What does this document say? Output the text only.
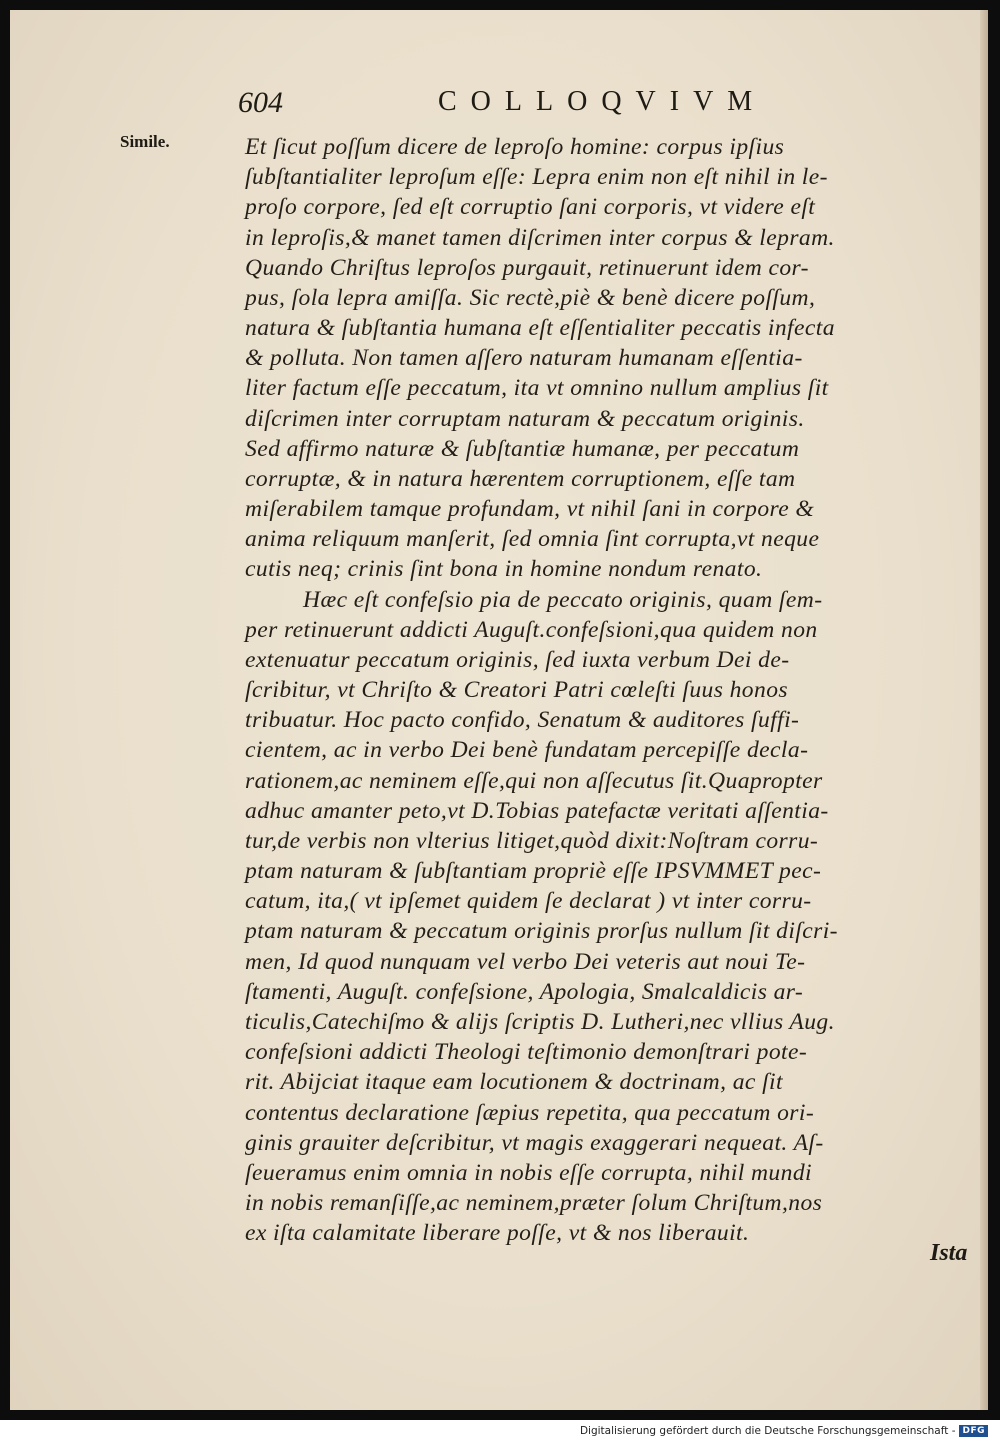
604	COLLOQVIVM
Simile.	Et ſicut poſſum dicere de leproſo homine: corpus ipſius
ſubſtantialiter leproſum eſſe: Lepra enim non eſt nihil in le-
proſo corpore, ſed eſt corruptio ſani corporis, vt videre eſt
in leproſis,& manet tamen diſcrimen inter corpus & lepram.
Quando Chriſtus leproſos purgauit, retinuerunt idem cor-
pus, ſola lepra amiſſa. Sic rectè,piè & benè dicere poſſum,
natura & ſubſtantia humana eſt eſſentialiter peccatis infecta
& polluta. Non tamen aſſero naturam humanam eſſentia-
liter factum eſſe peccatum, ita vt omnino nullum amplius ſit
diſcrimen inter corruptam naturam & peccatum originis.
Sed affirmo naturæ & ſubſtantiæ humanæ, per peccatum
corruptæ, & in natura hærentem corruptionem, eſſe tam
miſerabilem tamque profundam, vt nihil ſani in corpore &
anima reliquum manſerit, ſed omnia ſint corrupta,vt neque
cutis neq; crinis ſint bona in homine nondum renato.
Hæc eſt confeſsio pia de peccato originis, quam ſem-
per retinuerunt addicti Auguſt.confeſsioni,qua quidem non
extenuatur peccatum originis, ſed iuxta verbum Dei de-
ſcribitur, vt Chriſto & Creatori Patri cœleſti ſuus honos
tribuatur. Hoc pacto confido, Senatum & auditores ſuffi-
cientem, ac in verbo Dei benè fundatam percepiſſe decla-
rationem,ac neminem eſſe,qui non aſſecutus ſit.Quapropter
adhuc amanter peto,vt D.Tobias patefactæ veritati aſſentia-
tur,de verbis non vlterius litiget,quòd dixit:Noſtram corru-
ptam naturam & ſubſtantiam propriè eſſe IPSVMMET pec-
catum, ita,( vt ipſemet quidem ſe declarat ) vt inter corru-
ptam naturam & peccatum originis prorſus nullum ſit diſcri-
men, Id quod nunquam vel verbo Dei veteris aut noui Te-
ſtamenti, Auguſt. confeſsione, Apologia, Smalcaldicis ar-
ticulis,Catechiſmo & alijs ſcriptis D. Lutheri,nec vllius Aug.
confeſsioni addicti Theologi teſtimonio demonſtrari pote-
rit. Abijciat itaque eam locutionem & doctrinam, ac ſit
contentus declaratione ſæpius repetita, qua peccatum ori-
ginis grauiter deſcribitur, vt magis exaggerari nequeat. Aſ-
ſeueramus enim omnia in nobis eſſe corrupta, nihil mundi
in nobis remanſiſſe,ac neminem,præter ſolum Chriſtum,nos
ex iſta calamitate liberare poſſe, vt & nos liberauit.
Ista
Digitalisierung gefördert durch die Deutsche Forschungsgemeinschaft - DFG
